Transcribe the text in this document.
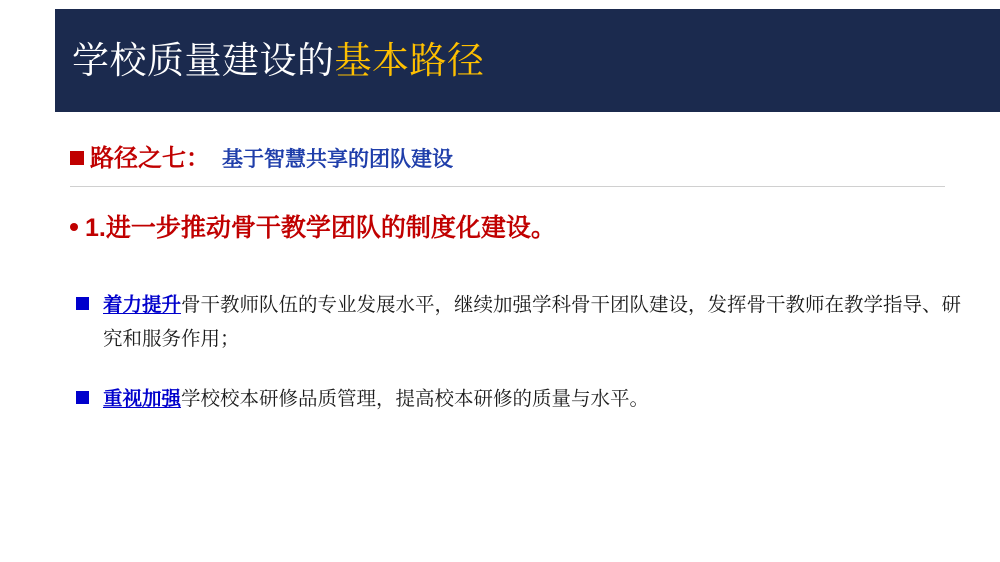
学校质量建设的基本路径
路径之七： 基于智慧共享的团队建设
1.进一步推动骨干教学团队的制度化建设。
着力提升骨干教师队伍的专业发展水平，继续加强学科骨干团队建设，发挥骨干教师在教学指导、研究和服务作用；
重视加强学校校本研修品质管理，提高校本研修的质量与水平。
